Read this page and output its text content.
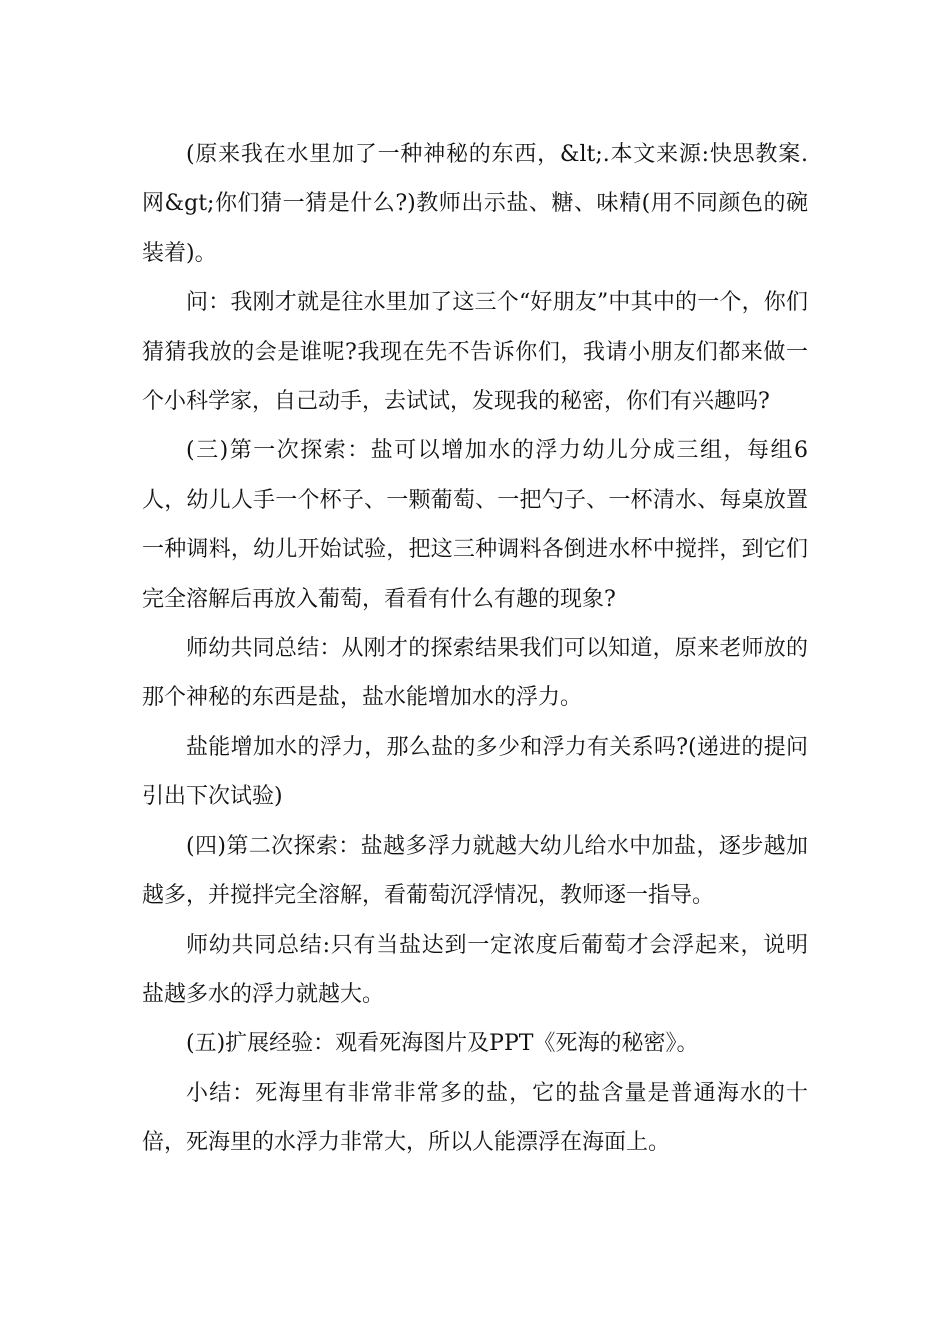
(原来我在水里加了一种神秘的东西，&lt;.本文来源:快思教案.网&gt;你们猜一猜是什么?)教师出示盐、糖、味精(用不同颜色的碗装着)。

问：我刚才就是往水里加了这三个“好朋友”中其中的一个，你们猜猜我放的会是谁呢?我现在先不告诉你们，我请小朋友们都来做一个小科学家，自己动手，去试试，发现我的秘密，你们有兴趣吗?

(三)第一次探索：盐可以增加水的浮力幼儿分成三组，每组6人，幼儿人手一个杯子、一颗葡萄、一把勺子、一杯清水、每桌放置一种调料，幼儿开始试验，把这三种调料各倒进水杯中搅拌，到它们完全溶解后再放入葡萄，看看有什么有趣的现象?

师幼共同总结：从刚才的探索结果我们可以知道，原来老师放的那个神秘的东西是盐，盐水能增加水的浮力。

盐能增加水的浮力，那么盐的多少和浮力有关系吗?(递进的提问引出下次试验)

(四)第二次探索：盐越多浮力就越大幼儿给水中加盐，逐步越加越多，并搅拌完全溶解，看葡萄沉浮情况，教师逐一指导。

师幼共同总结:只有当盐达到一定浓度后葡萄才会浮起来，说明盐越多水的浮力就越大。

(五)扩展经验：观看死海图片及PPT《死海的秘密》。

小结：死海里有非常非常多的盐，它的盐含量是普通海水的十倍，死海里的水浮力非常大，所以人能漂浮在海面上。
